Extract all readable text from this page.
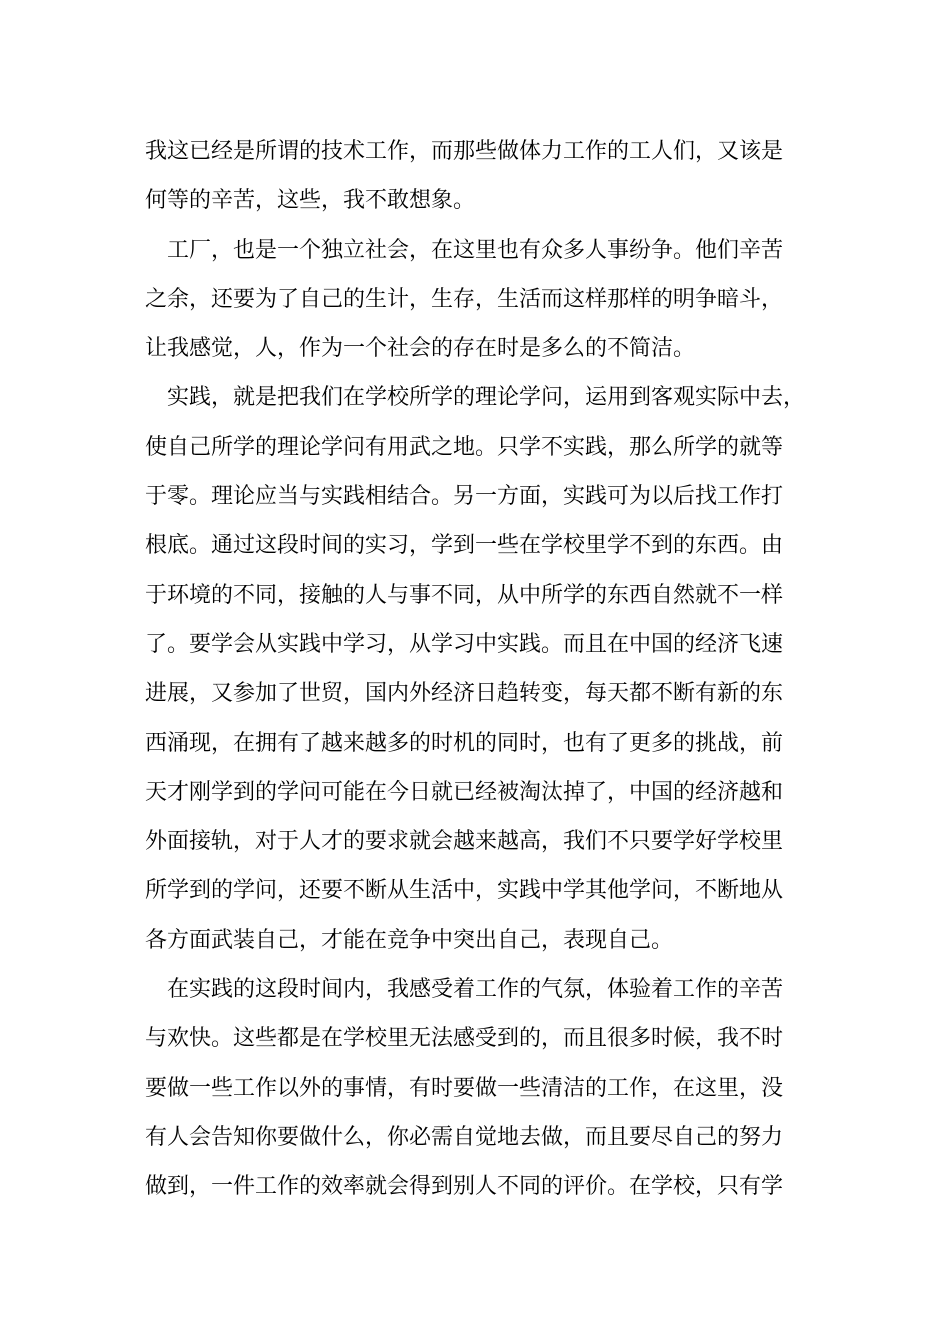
我这已经是所谓的技术工作，而那些做体力工作的工人们，又该是
何等的辛苦，这些，我不敢想象。
工厂，也是一个独立社会，在这里也有众多人事纷争。他们辛苦
之余，还要为了自己的生计，生存，生活而这样那样的明争暗斗，
让我感觉，人，作为一个社会的存在时是多么的不简洁。
实践，就是把我们在学校所学的理论学问，运用到客观实际中去，
使自己所学的理论学问有用武之地。只学不实践，那么所学的就等
于零。理论应当与实践相结合。另一方面，实践可为以后找工作打
根底。通过这段时间的实习，学到一些在学校里学不到的东西。由
于环境的不同，接触的人与事不同，从中所学的东西自然就不一样
了。要学会从实践中学习，从学习中实践。而且在中国的经济飞速
进展，又参加了世贸，国内外经济日趋转变，每天都不断有新的东
西涌现，在拥有了越来越多的时机的同时，也有了更多的挑战，前
天才刚学到的学问可能在今日就已经被淘汰掉了，中国的经济越和
外面接轨，对于人才的要求就会越来越高，我们不只要学好学校里
所学到的学问，还要不断从生活中，实践中学其他学问，不断地从
各方面武装自己，才能在竞争中突出自己，表现自己。
在实践的这段时间内，我感受着工作的气氛，体验着工作的辛苦
与欢快。这些都是在学校里无法感受到的，而且很多时候，我不时
要做一些工作以外的事情，有时要做一些清洁的工作，在这里，没
有人会告知你要做什么，你必需自觉地去做，而且要尽自己的努力
做到，一件工作的效率就会得到别人不同的评价。在学校，只有学
